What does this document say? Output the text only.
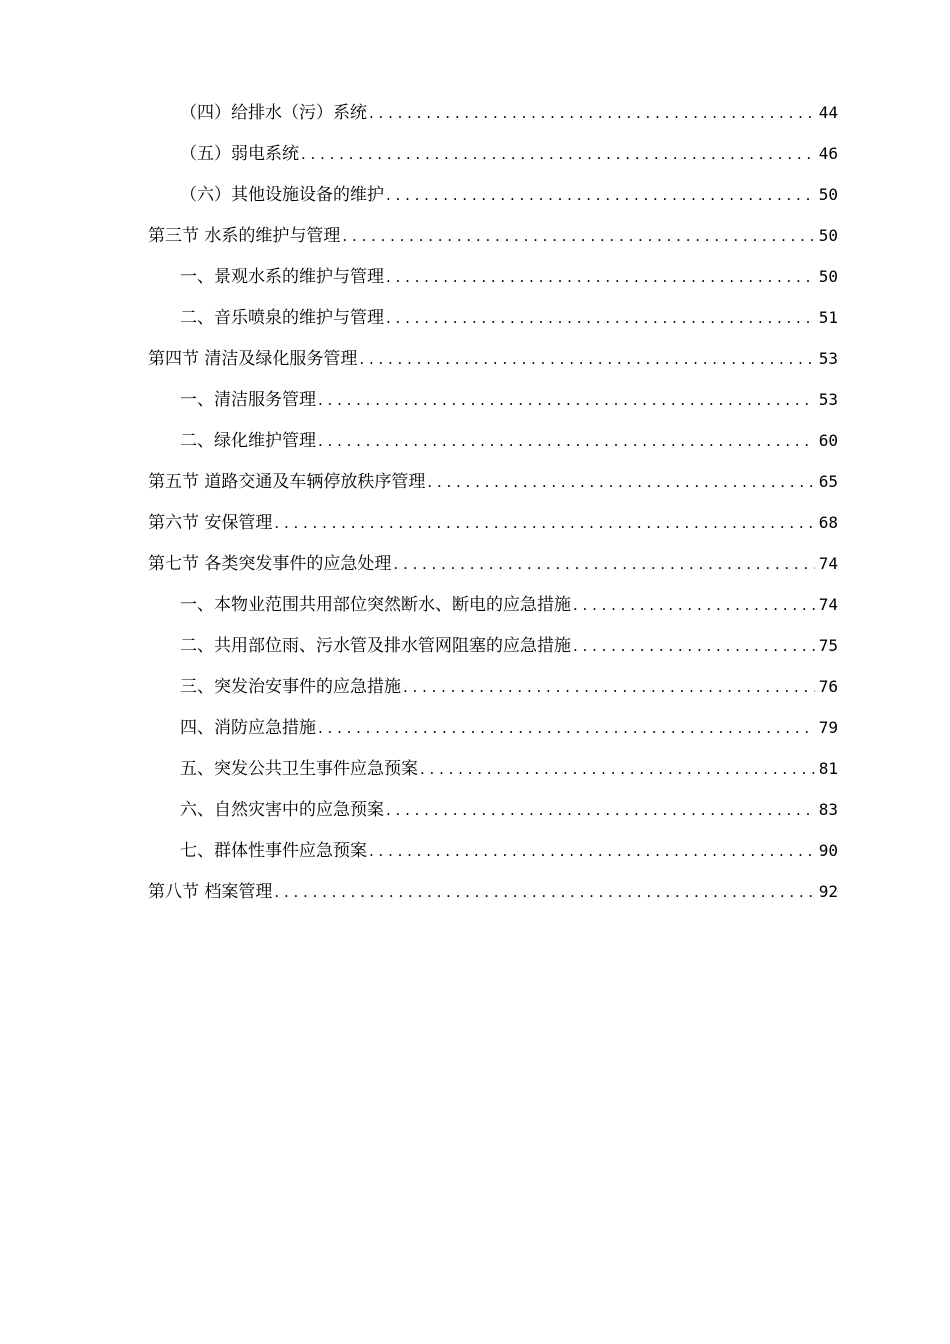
（四）给排水（污）系统 . . .	44
（五）弱电系统 . . .	46
（六）其他设施设备的维护 . . .	50
第三节 水系的维护与管理 . . .	50
一、景观水系的维护与管理 . . .	50
二、音乐喷泉的维护与管理 . . .	51
第四节 清洁及绿化服务管理 . . .	53
一、清洁服务管理 . . .	53
二、绿化维护管理 . . .	60
第五节 道路交通及车辆停放秩序管理 . . .	65
第六节 安保管理 . . .	68
第七节 各类突发事件的应急处理 . . .	74
一、本物业范围共用部位突然断水、断电的应急措施 . . .	74
二、共用部位雨、污水管及排水管网阻塞的应急措施 . . .	75
三、突发治安事件的应急措施 . . .	76
四、消防应急措施 . . .	79
五、突发公共卫生事件应急预案 . . .	81
六、自然灾害中的应急预案 . . .	83
七、群体性事件应急预案 . . .	90
第八节 档案管理 . . .	92
